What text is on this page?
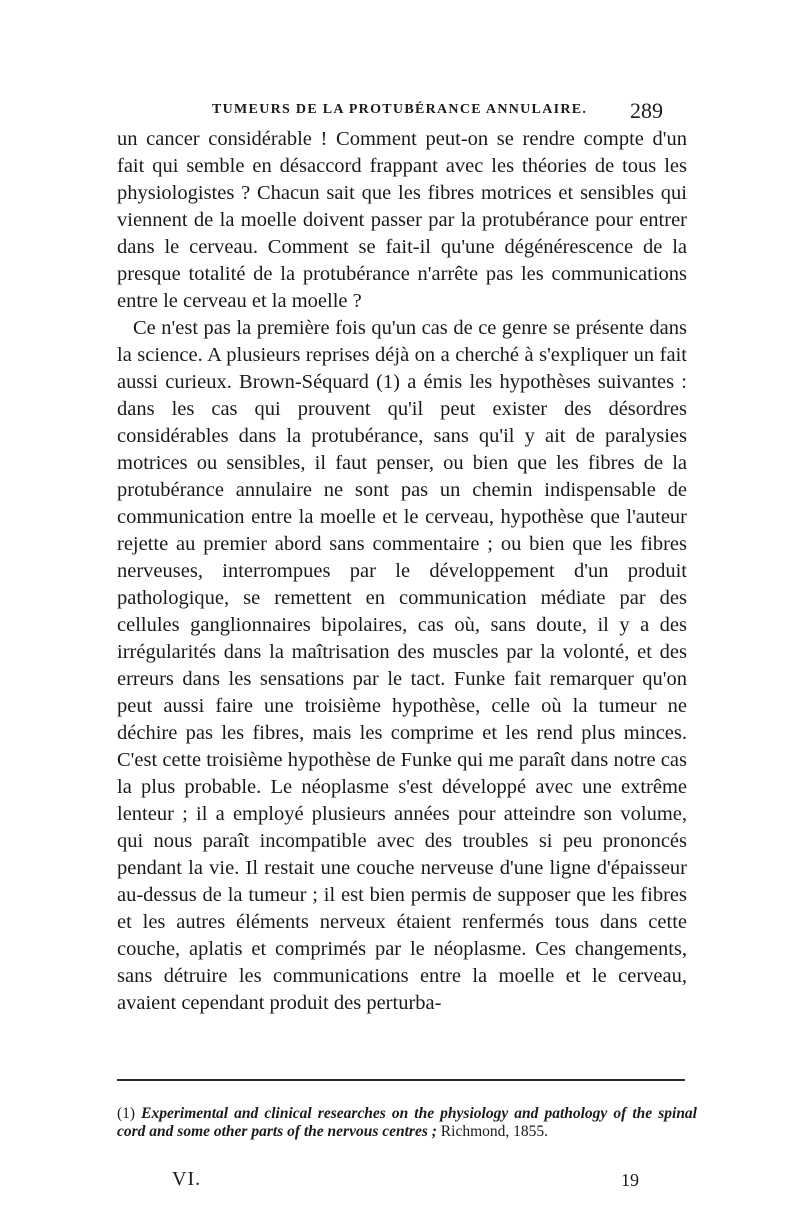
TUMEURS DE LA PROTUBÉRANCE ANNULAIRE. 289

un cancer considérable ! Comment peut-on se rendre compte d'un fait qui semble en désaccord frappant avec les théories de tous les physiologistes ? Chacun sait que les fibres motrices et sensibles qui viennent de la moelle doivent passer par la protubérance pour entrer dans le cerveau. Comment se fait-il qu'une dégénérescence de la presque totalité de la protubérance n'arrête pas les communications entre le cerveau et la moelle ?

Ce n'est pas la première fois qu'un cas de ce genre se présente dans la science. A plusieurs reprises déjà on a cherché à s'expliquer un fait aussi curieux. Brown-Séquard (1) a émis les hypothèses suivantes : dans les cas qui prouvent qu'il peut exister des désordres considérables dans la protubérance, sans qu'il y ait de paralysies motrices ou sensibles, il faut penser, ou bien que les fibres de la protubérance annulaire ne sont pas un chemin indispensable de communication entre la moelle et le cerveau, hypothèse que l'auteur rejette au premier abord sans commentaire ; ou bien que les fibres nerveuses, interrompues par le développement d'un produit pathologique, se remettent en communication médiate par des cellules ganglionnaires bipolaires, cas où, sans doute, il y a des irrégularités dans la maîtrisation des muscles par la volonté, et des erreurs dans les sensations par le tact. Funke fait remarquer qu'on peut aussi faire une troisième hypothèse, celle où la tumeur ne déchire pas les fibres, mais les comprime et les rend plus minces. C'est cette troisième hypothèse de Funke qui me paraît dans notre cas la plus probable. Le néoplasme s'est développé avec une extrême lenteur ; il a employé plusieurs années pour atteindre son volume, qui nous paraît incompatible avec des troubles si peu prononcés pendant la vie. Il restait une couche nerveuse d'une ligne d'épaisseur au-dessus de la tumeur ; il est bien permis de supposer que les fibres et les autres éléments nerveux étaient renfermés tous dans cette couche, aplatis et comprimés par le néoplasme. Ces changements, sans détruire les communications entre la moelle et le cerveau, avaient cependant produit des perturba-

(1) Experimental and clinical researches on the physiology and pathology of the spinal cord and some other parts of the nervous centres ; Richmond, 1855.
VI.	19
